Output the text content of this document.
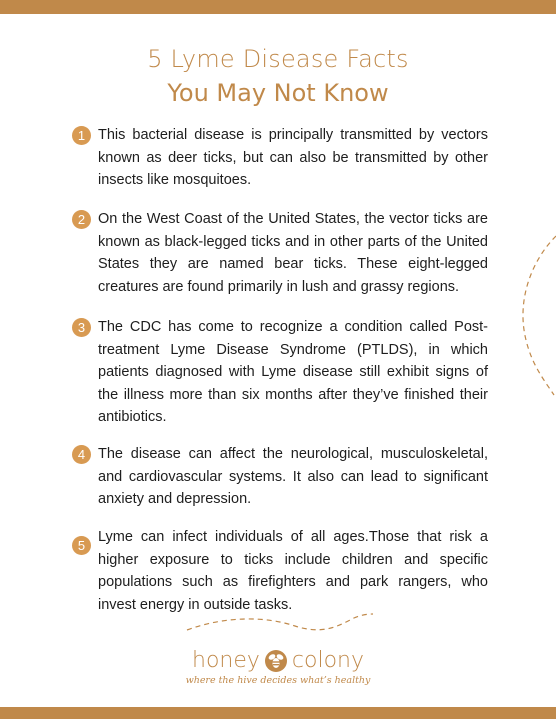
5 Lyme Disease Facts
You May Not Know
1 This bacterial disease is principally transmitted by vectors known as deer ticks, but can also be transmitted by other insects like mosquitoes.
2 On the West Coast of the United States, the vector ticks are known as black-legged ticks and in other parts of the United States they are named bear ticks. These eight-legged creatures are found primarily in lush and grassy regions.
3 The CDC has come to recognize a condition called Post-treatment Lyme Disease Syndrome (PTLDS), in which patients diagnosed with Lyme disease still exhibit signs of the illness more than six months after they’ve finished their antibiotics.
4 The disease can affect the neurological, musculoskeletal, and cardiovascular systems. It also can lead to significant anxiety and depression.
5
Lyme can infect individuals of all ages.Those that risk a higher exposure to ticks include children and specific populations such as firefighters and park rangers, who invest energy in outside tasks.
honey colony
where the hive decides what’s healthy
